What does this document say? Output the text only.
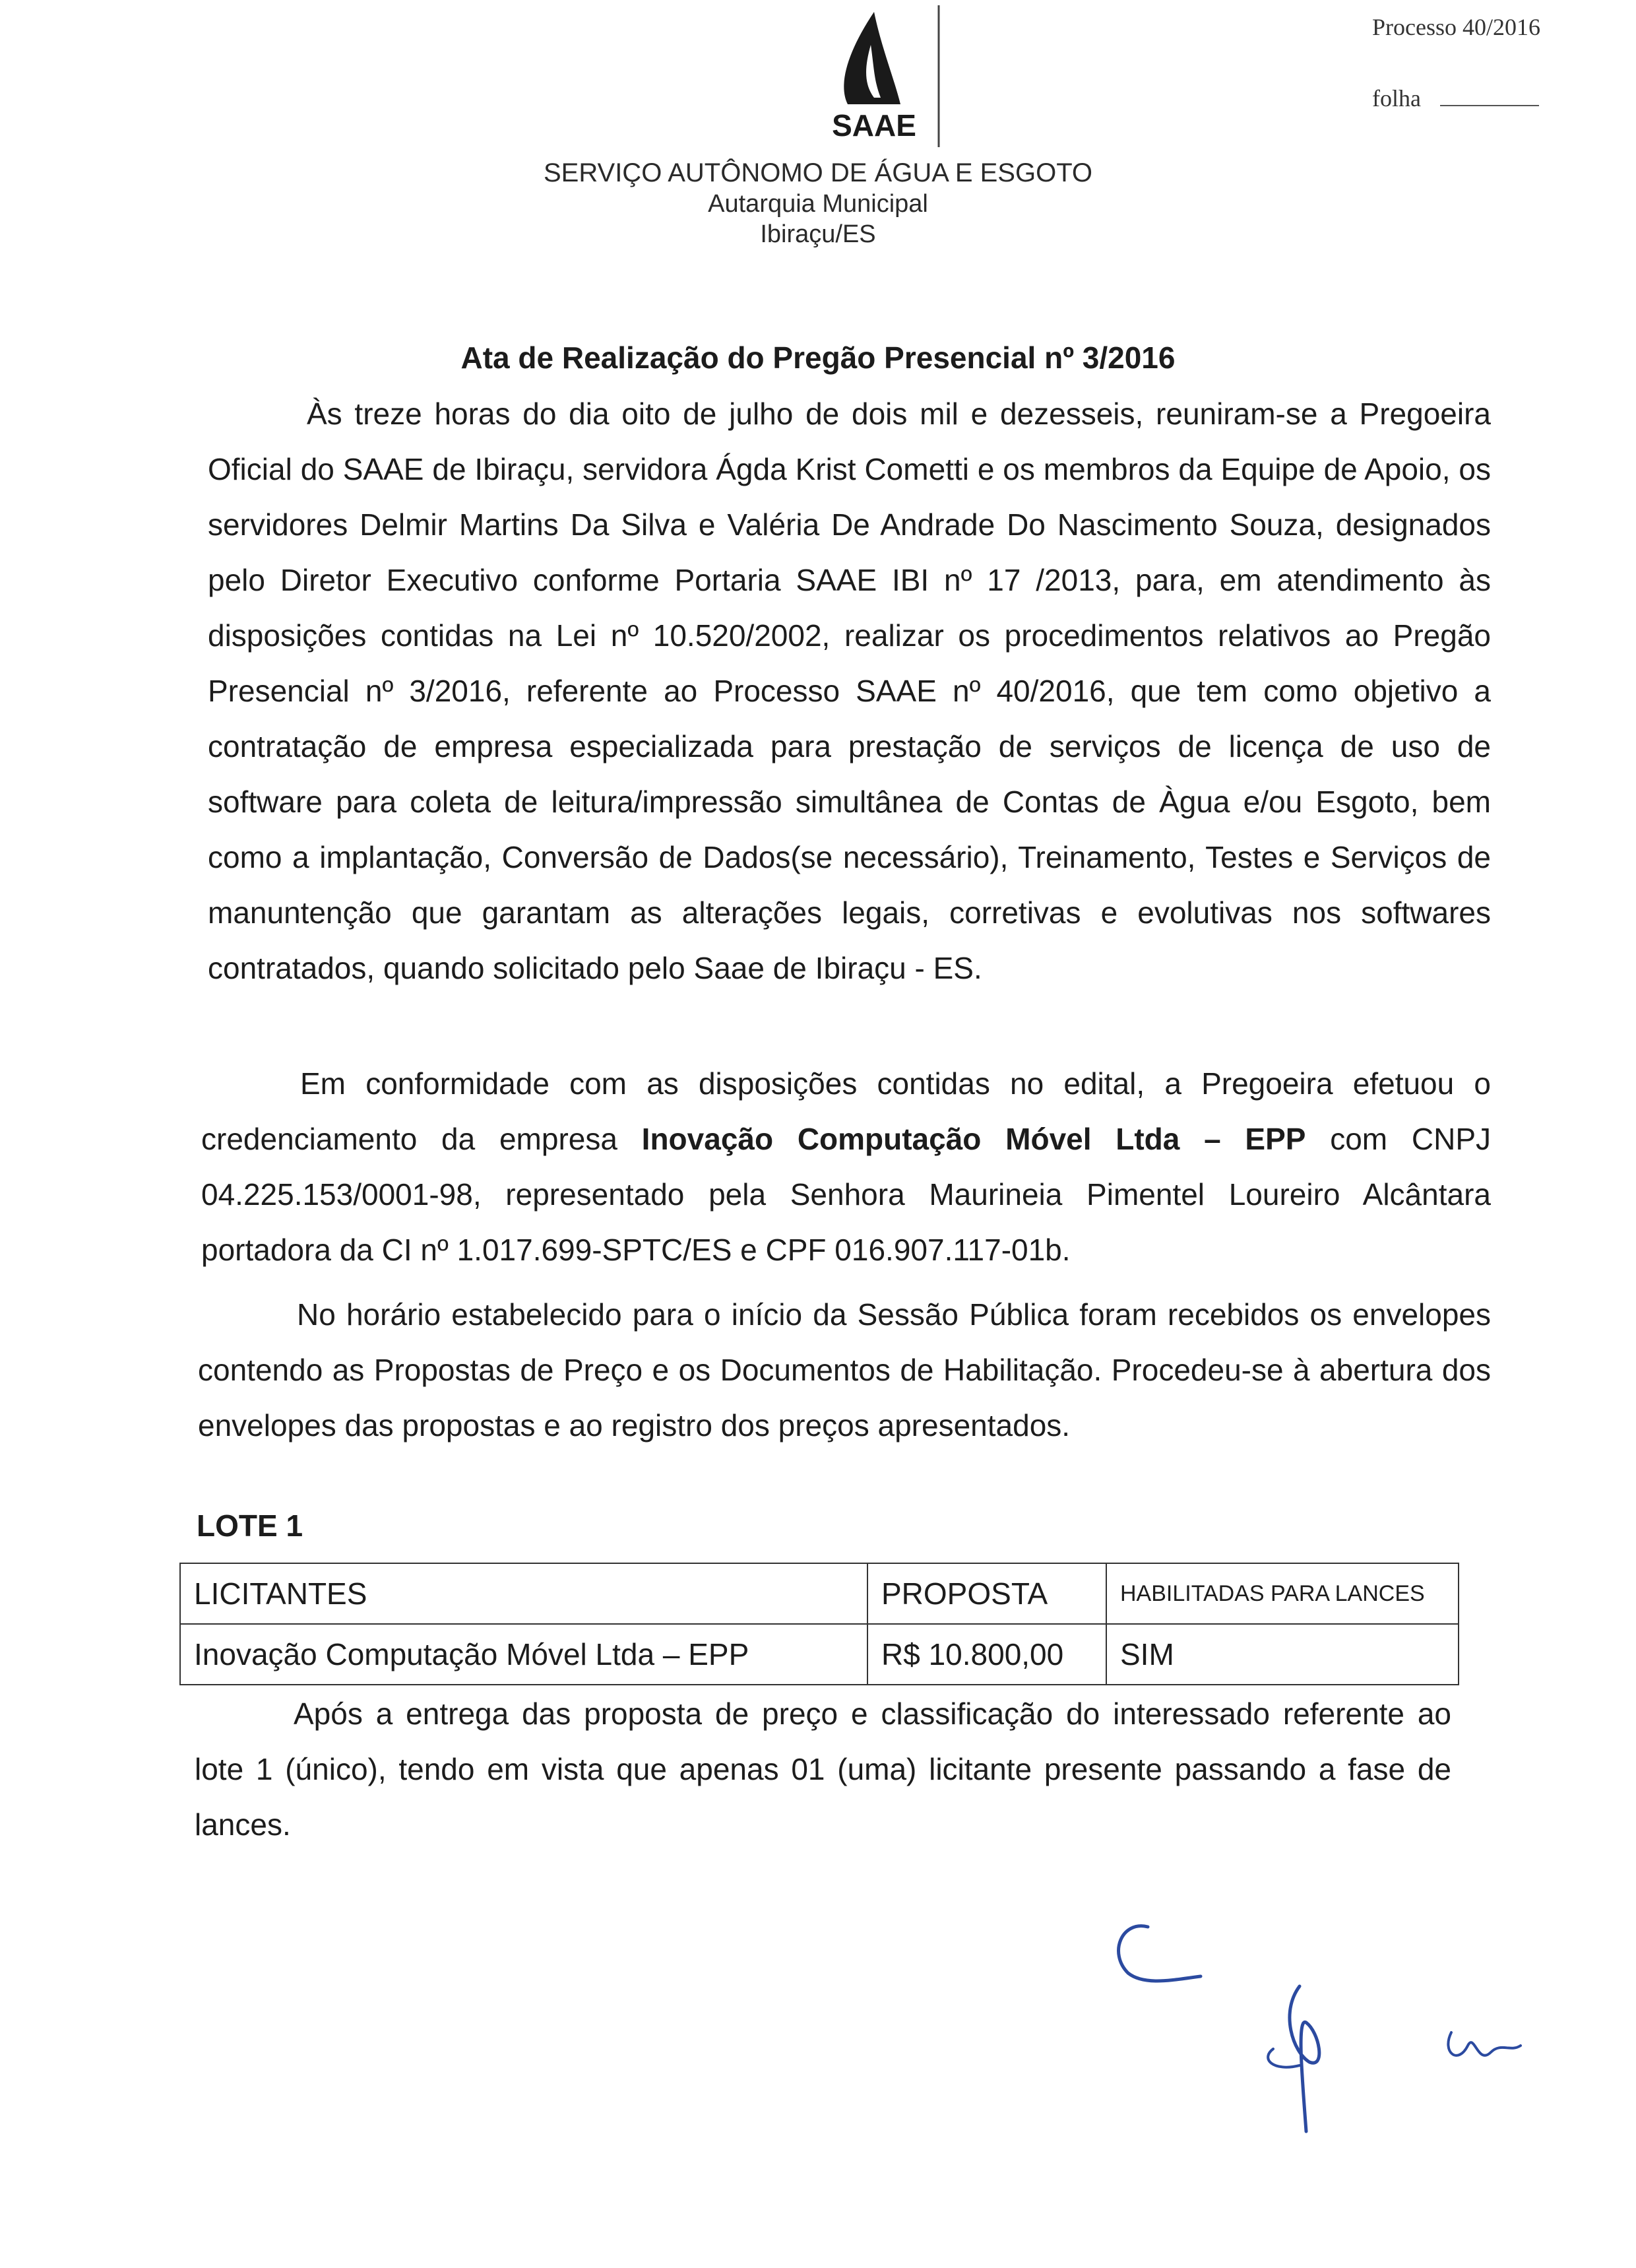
Processo 40/2016
folha
SAAE
SERVIÇO AUTÔNOMO DE ÁGUA E ESGOTO
Autarquia Municipal
Ibiraçu/ES
Ata de Realização do Pregão Presencial nº 3/2016
Às treze horas do dia oito de julho de dois mil e dezesseis, reuniram-se a Pregoeira Oficial do SAAE de Ibiraçu, servidora Ágda Krist Cometti e os membros da Equipe de Apoio, os servidores Delmir Martins Da Silva e Valéria De Andrade Do Nascimento Souza, designados pelo Diretor Executivo conforme Portaria SAAE IBI nº 17 /2013, para, em atendimento às disposições contidas na Lei nº 10.520/2002, realizar os procedimentos relativos ao Pregão Presencial nº 3/2016, referente ao Processo SAAE nº 40/2016, que tem como objetivo a contratação de empresa especializada para prestação de serviços de licença de uso de software para coleta de leitura/impressão simultânea de Contas de Àgua e/ou Esgoto, bem como a implantação, Conversão de Dados(se necessário), Treinamento, Testes e Serviços de manuntenção que garantam as alterações legais, corretivas e evolutivas nos softwares contratados, quando solicitado pelo Saae de Ibiraçu - ES.
Em conformidade com as disposições contidas no edital, a Pregoeira efetuou o credenciamento da empresa Inovação Computação Móvel Ltda – EPP com CNPJ 04.225.153/0001-98, representado pela Senhora Maurineia Pimentel Loureiro Alcântara portadora da CI nº 1.017.699-SPTC/ES e CPF 016.907.117-01b.
No horário estabelecido para o início da Sessão Pública foram recebidos os envelopes contendo as Propostas de Preço e os Documentos de Habilitação. Procedeu-se à abertura dos envelopes das propostas e ao registro dos preços apresentados.
LOTE 1
LICITANTES	PROPOSTA	HABILITADAS PARA LANCES
Inovação Computação Móvel Ltda – EPP	R$ 10.800,00	SIM
Após a entrega das proposta de preço e classificação do interessado referente ao lote 1 (único), tendo em vista que apenas 01 (uma) licitante presente passando a fase de lances.
